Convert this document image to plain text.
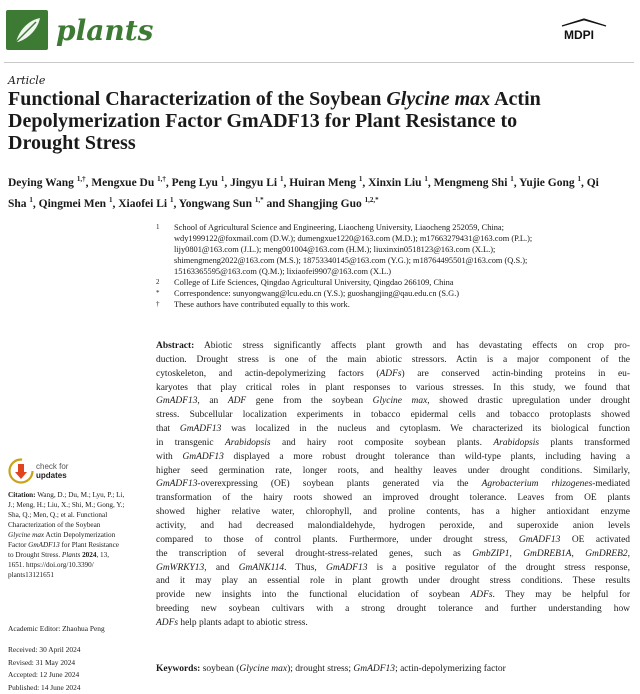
plants	MDPI
Article
Functional Characterization of the Soybean Glycine max Actin
Depolymerization Factor GmADF13 for Plant Resistance to
Drought Stress
Deying Wang $^{1,\dagger}$, Mengxue Du $^{1,\dagger}$, Peng Lyu $^1$, Jingyu Li $^1$, Huiran Meng $^1$, Xinxin Liu $^1$, Mengmeng Shi $^1$, Yujie Gong $^1$, Qi Sha $^1$, Qingmei Men $^1$, Xiaofei Li $^1$, Yongwang Sun $^{1,*}$ and Shangjing Guo $^{1,2,*}$
1	School of Agricultural Science and Engineering, Liaocheng University, Liaocheng 252059, China;
wdy1999122@foxmail.com (D.W.); dumengxue1220@163.com (M.D.); m17663279431@163.com (P.L.);
lijy0801@163.com (J.L.); meng001004@163.com (H.M.); liuxinxin0518123@163.com (X.L.);
shimengmeng2022@163.com (M.S.); 18753340145@163.com (Y.G.); m18764495501@163.com (Q.S.);
15163365595@163.com (Q.M.); lixiaofei9907@163.com (X.L.)
2	College of Life Sciences, Qingdao Agricultural University, Qingdao 266109, China
*	Correspondence: sunyongwang@lcu.edu.cn (Y.S.); guoshangjing@qau.edu.cn (S.G.)
†	These authors have contributed equally to this work.
Abstract: Abiotic stress significantly affects plant growth and has devastating effects on crop pro-
duction. Drought stress is one of the main abiotic stressors. Actin is a major component of the
cytoskeleton, and actin-depolymerizing factors (ADFs) are conserved actin-binding proteins in eu-
karyotes that play critical roles in plant responses to various stresses. In this study, we found that
GmADF13, an ADF gene from the soybean Glycine max, showed drastic upregulation under drought
stress. Subcellular localization experiments in tobacco epidermal cells and tobacco protoplasts showed
that GmADF13 was localized in the nucleus and cytoplasm. We characterized its biological function
in transgenic Arabidopsis and hairy root composite soybean plants. Arabidopsis plants transformed
with GmADF13 displayed a more robust drought tolerance than wild-type plants, including having a
higher seed germination rate, longer roots, and healthy leaves under drought conditions. Similarly,
GmADF13-overexpressing (OE) soybean plants generated via the Agrobacterium rhizogenes-mediated
transformation of the hairy roots showed an improved drought tolerance. Leaves from OE plants
showed higher relative water, chlorophyll, and proline contents, has a higher antioxidant enzyme
activity, and had decreased malondialdehyde, hydrogen peroxide, and superoxide anion levels
compared to those of control plants. Furthermore, under drought stress, GmADF13 OE activated
the transcription of several drought-stress-related genes, such as GmbZIP1, GmDREB1A, GmDREB2,
GmWRKY13, and GmANK114. Thus, GmADF13 is a positive regulator of the drought stress response,
and it may play an essential role in plant growth under drought stress conditions. These results
provide new insights into the functional elucidation of soybean ADFs. They may be helpful for
breeding new soybean cultivars with a strong drought tolerance and further understanding how
ADFs help plants adapt to abiotic stress.
Keywords: soybean (Glycine max); drought stress; GmADF13; actin-depolymerizing factor
check for
updates
Citation: Wang, D.; Du, M.; Lyu, P.; Li,
J.; Meng, H.; Liu, X.; Shi, M.; Gong, Y.;
Sha, Q.; Men, Q.; et al. Functional
Characterization of the Soybean
Glycine max Actin Depolymerization
Factor GmADF13 for Plant Resistance
to Drought Stress. Plants 2024, 13,
1651. https://doi.org/10.3390/
plants13121651
Academic Editor: Zhaohua Peng
Received: 30 April 2024
Revised: 31 May 2024
Accepted: 12 June 2024
Published: 14 June 2024
